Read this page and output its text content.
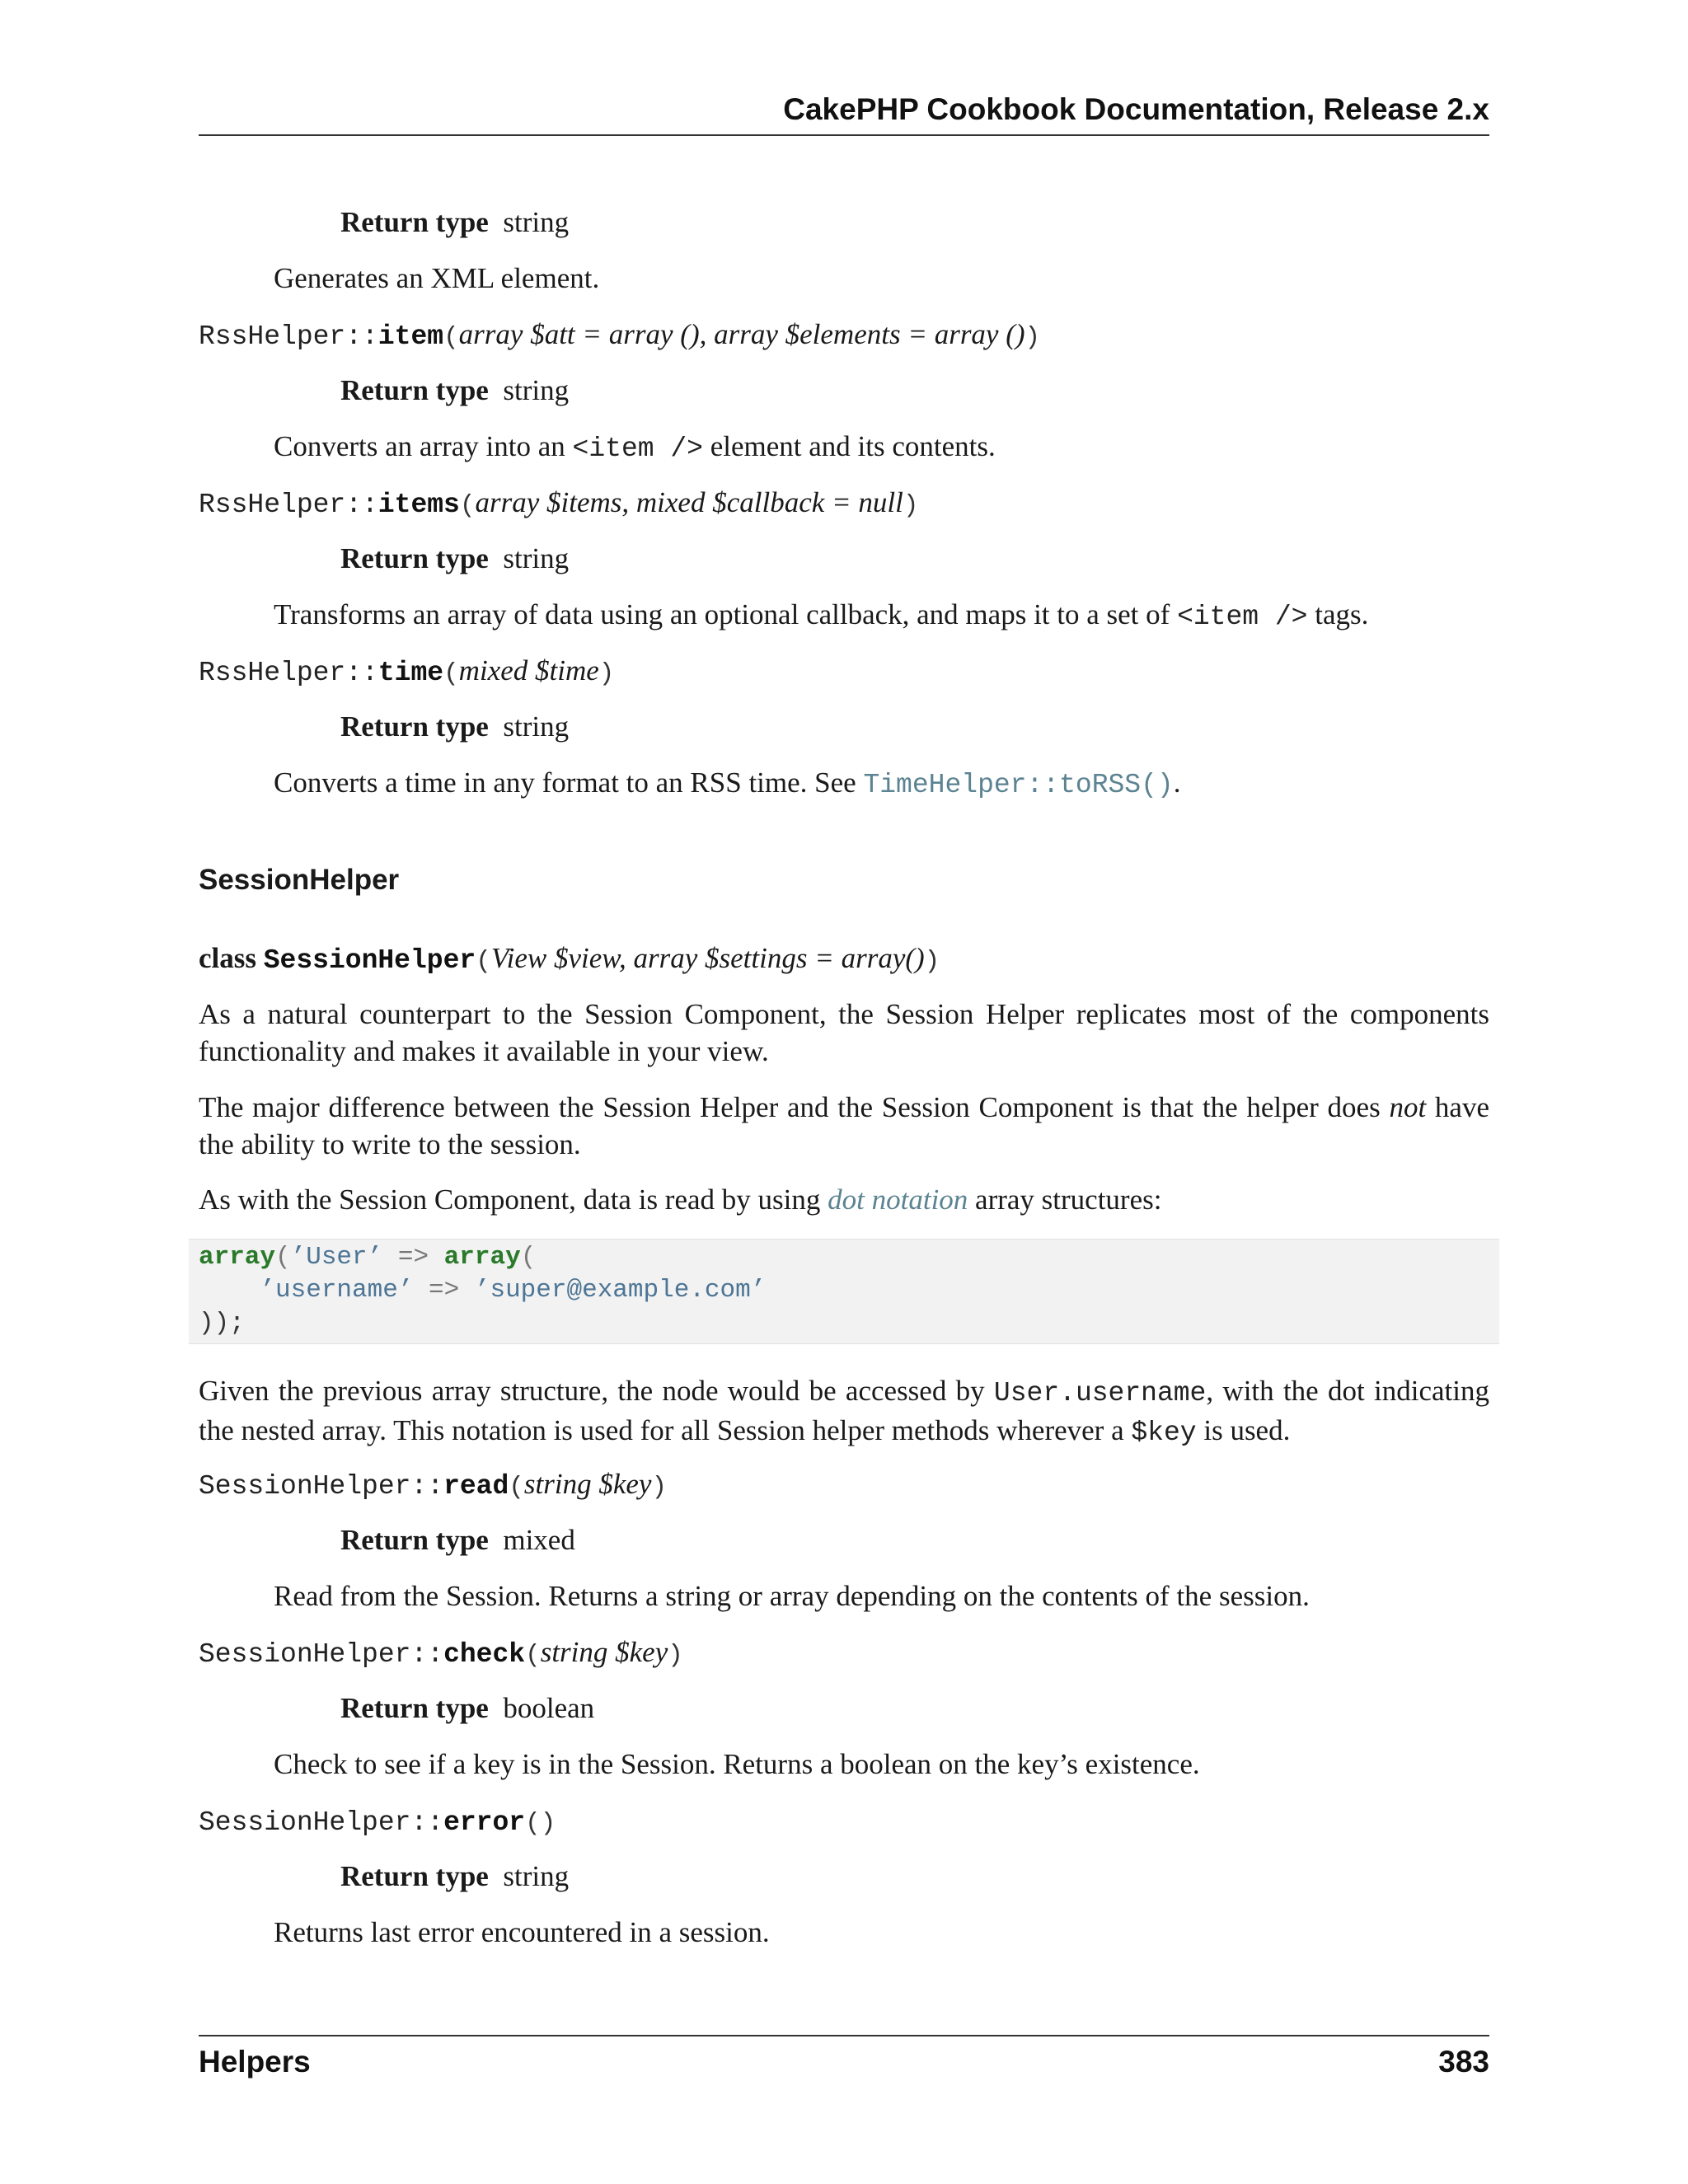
CakePHP Cookbook Documentation, Release 2.x
Return type string
Generates an XML element.
RssHelper::item(array $att = array (), array $elements = array ())
Return type string
Converts an array into an <item /> element and its contents.
RssHelper::items(array $items, mixed $callback = null)
Return type string
Transforms an array of data using an optional callback, and maps it to a set of <item /> tags.
RssHelper::time(mixed $time)
Return type string
Converts a time in any format to an RSS time. See TimeHelper::toRSS().
SessionHelper
class SessionHelper(View $view, array $settings = array())
As a natural counterpart to the Session Component, the Session Helper replicates most of the components functionality and makes it available in your view.
The major difference between the Session Helper and the Session Component is that the helper does not have the ability to write to the session.
As with the Session Component, data is read by using dot notation array structures:
array(’User’ => array(
’username’ => ’super@example.com’
));
Given the previous array structure, the node would be accessed by User.username, with the dot indicating the nested array. This notation is used for all Session helper methods wherever a $key is used.
SessionHelper::read(string $key)
Return type mixed
Read from the Session. Returns a string or array depending on the contents of the session.
SessionHelper::check(string $key)
Return type boolean
Check to see if a key is in the Session. Returns a boolean on the key’s existence.
SessionHelper::error()
Return type string
Returns last error encountered in a session.
Helpers	383
